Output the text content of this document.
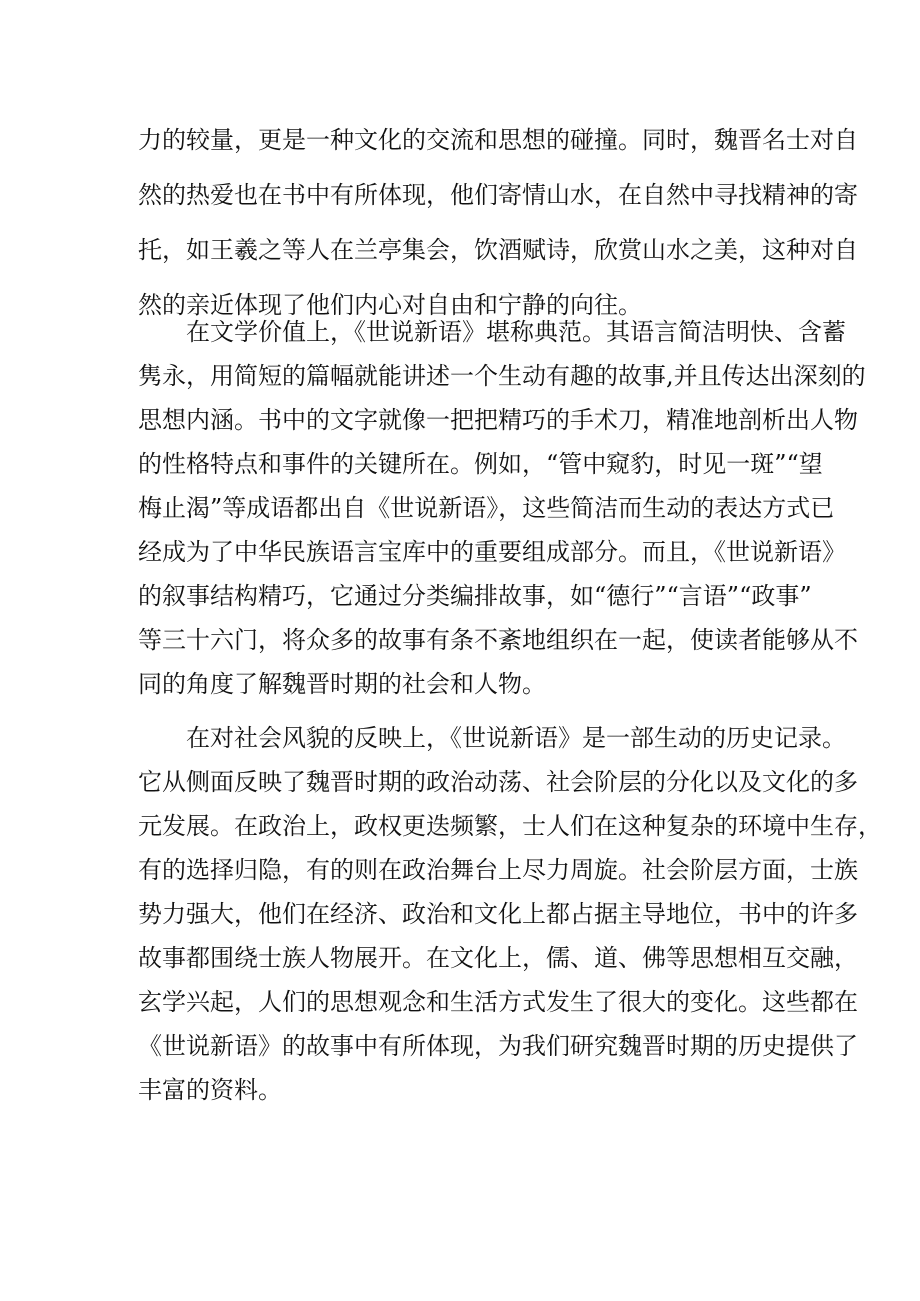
力的较量，更是一种文化的交流和思想的碰撞。同时，魏晋名士对自
然的热爱也在书中有所体现，他们寄情山水，在自然中寻找精神的寄
托，如王羲之等人在兰亭集会，饮酒赋诗，欣赏山水之美，这种对自
然的亲近体现了他们内心对自由和宁静的向往。
在文学价值上，《世说新语》堪称典范。其语言简洁明快、含蓄
隽永，用简短的篇幅就能讲述一个生动有趣的故事,并且传达出深刻的
思想内涵。书中的文字就像一把把精巧的手术刀，精准地剖析出人物
的性格特点和事件的关键所在。例如，“管中窥豹，时见一斑”“望
梅止渴”等成语都出自《世说新语》，这些简洁而生动的表达方式已
经成为了中华民族语言宝库中的重要组成部分。而且，《世说新语》
的叙事结构精巧，它通过分类编排故事，如“德行”“言语”“政事”
等三十六门，将众多的故事有条不紊地组织在一起，使读者能够从不
同的角度了解魏晋时期的社会和人物。
在对社会风貌的反映上，《世说新语》是一部生动的历史记录。
它从侧面反映了魏晋时期的政治动荡、社会阶层的分化以及文化的多
元发展。在政治上，政权更迭频繁，士人们在这种复杂的环境中生存，
有的选择归隐，有的则在政治舞台上尽力周旋。社会阶层方面，士族
势力强大，他们在经济、政治和文化上都占据主导地位，书中的许多
故事都围绕士族人物展开。在文化上，儒、道、佛等思想相互交融，
玄学兴起，人们的思想观念和生活方式发生了很大的变化。这些都在
《世说新语》的故事中有所体现，为我们研究魏晋时期的历史提供了
丰富的资料。
